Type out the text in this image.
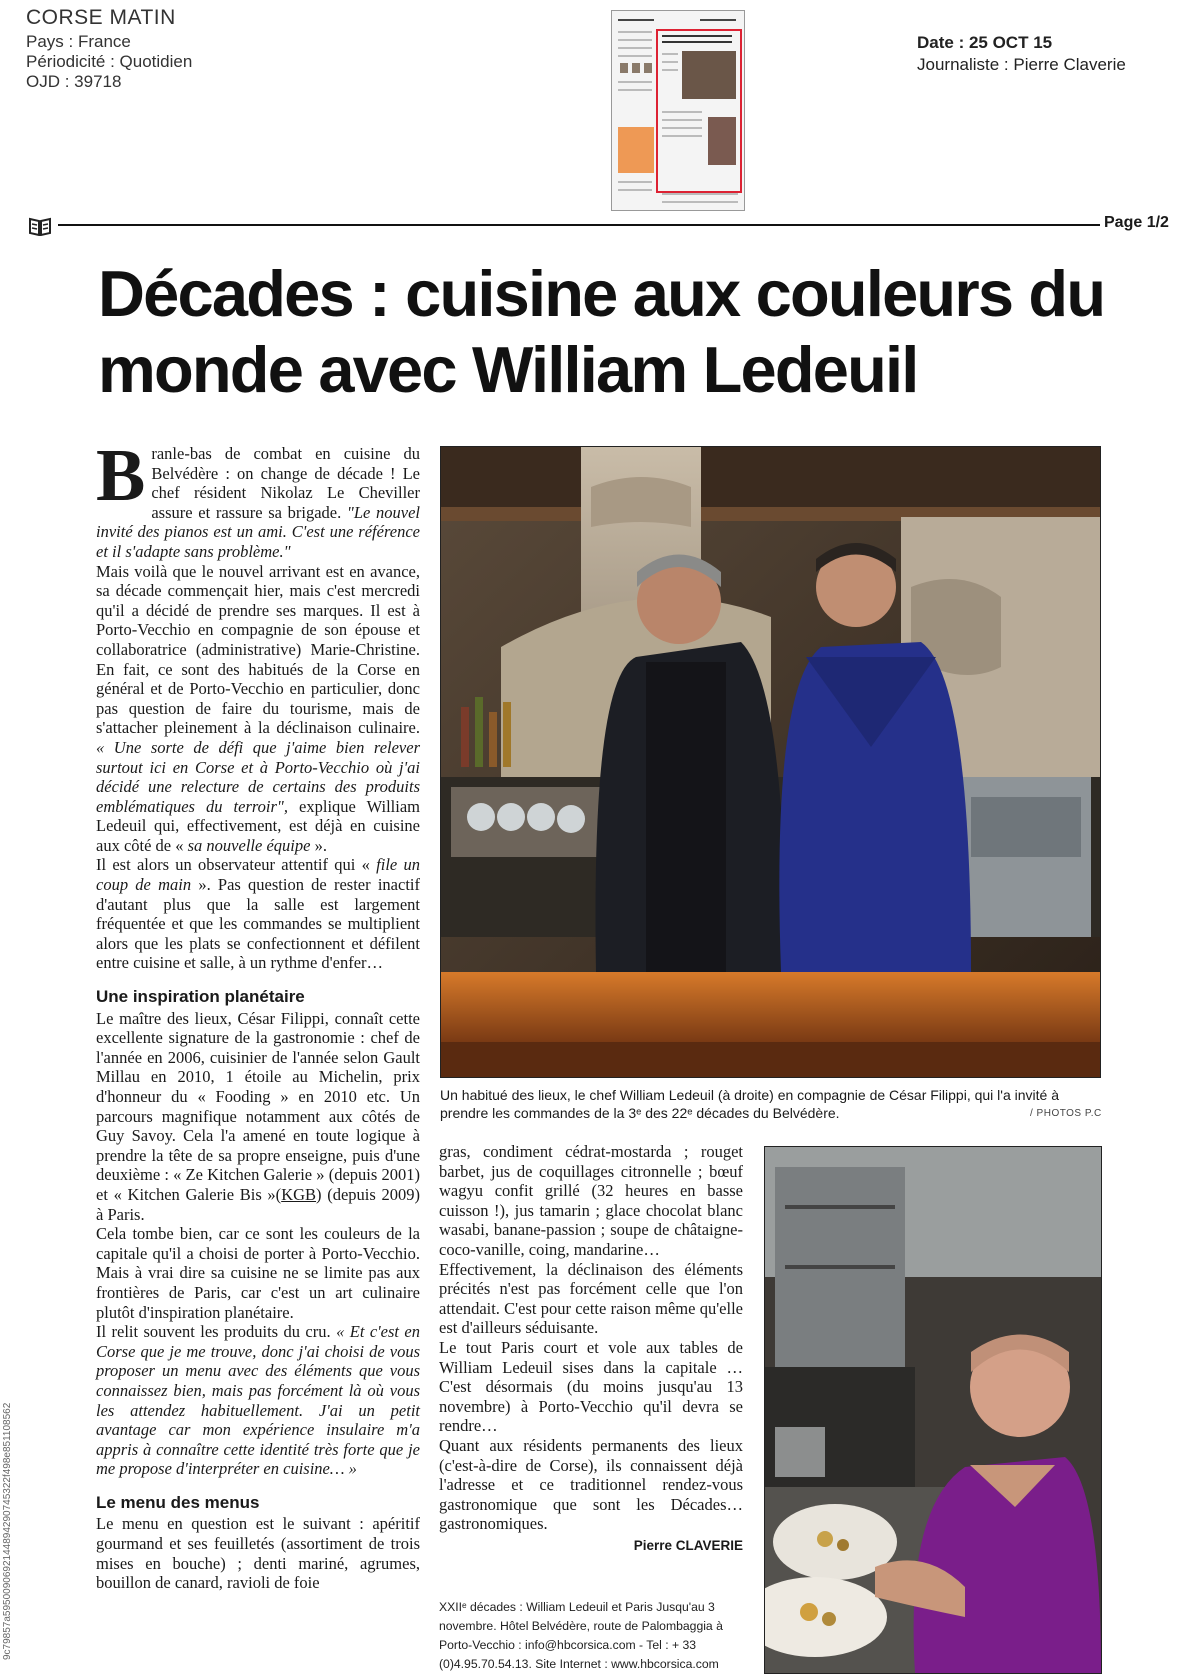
CORSE MATIN
Pays : France
Périodicité : Quotidien
OJD : 39718
Date : 25 OCT 15
Journaliste : Pierre Claverie
Page 1/2
Décades : cuisine aux couleurs du monde avec William Ledeuil

Branle-bas de combat en cuisine du Belvédère : on change de décade ! Le chef résident Nikolaz Le Cheviller assure et rassure sa brigade. "Le nouvel invité des pianos est un ami. C'est une référence et il s'adapte sans problème."

Mais voilà que le nouvel arrivant est en avance, sa décade commençait hier, mais c'est mercredi qu'il a décidé de prendre ses marques. Il est à Porto-Vecchio en compagnie de son épouse et collaboratrice (administrative) Marie-Christine. En fait, ce sont des habitués de la Corse en général et de Porto-Vecchio en particulier, donc pas question de faire du tourisme, mais de s'attacher pleinement à la déclinaison culinaire. « Une sorte de défi que j'aime bien relever surtout ici en Corse et à Porto-Vecchio où j'ai décidé une relecture de certains des produits emblématiques du terroir", explique William Ledeuil qui, effectivement, est déjà en cuisine aux côté de « sa nouvelle équipe ».

Il est alors un observateur attentif qui « file un coup de main ». Pas question de rester inactif d'autant plus que la salle est largement fréquentée et que les commandes se multiplient alors que les plats se confectionnent et défilent entre cuisine et salle, à un rythme d'enfer…

Une inspiration planétaire

Le maître des lieux, César Filippi, connaît cette excellente signature de la gastronomie : chef de l'année en 2006, cuisinier de l'année selon Gault Millau en 2010, 1 étoile au Michelin, prix d'honneur du « Fooding » en 2010 etc. Un parcours magnifique notamment aux côtés de Guy Savoy. Cela l'a amené en toute logique à prendre la tête de sa propre enseigne, puis d'une deuxième : « Ze Kitchen Galerie » (depuis 2001) et « Kitchen Galerie Bis »(KGB) (depuis 2009) à Paris.

Cela tombe bien, car ce sont les couleurs de la capitale qu'il a choisi de porter à Porto-Vecchio. Mais à vrai dire sa cuisine ne se limite pas aux frontières de Paris, car c'est un art culinaire plutôt d'inspiration planétaire.

Il relit souvent les produits du cru. « Et c'est en Corse que je me trouve, donc j'ai choisi de vous proposer un menu avec des éléments que vous connaissez bien, mais pas forcément là où vous les attendez habituellement. J'ai un petit avantage car mon expérience insulaire m'a appris à connaître cette identité très forte que je me propose d'interpréter en cuisine… »

Le menu des menus

Le menu en question est le suivant : apéritif gourmand et ses feuilletés (assortiment de trois mises en bouche) ; denti mariné, agrumes, bouillon de canard, ravioli de foie

Un habitué des lieux, le chef William Ledeuil (à droite) en compagnie de César Filippi, qui l'a invité à prendre les commandes de la 3ᵉ des 22ᵉ décades du Belvédère.	/ PHOTOS P.C

gras, condiment cédrat-mostarda ; rouget barbet, jus de coquillages citronnelle ; bœuf wagyu confit grillé (32 heures en basse cuisson !), jus tamarin ; glace chocolat blanc wasabi, banane-passion ; soupe de châtaigne-coco-vanille, coing, mandarine…

Effectivement, la déclinaison des éléments précités n'est pas forcément celle que l'on attendait. C'est pour cette raison même qu'elle est d'ailleurs séduisante.

Le tout Paris court et vole aux tables de William Ledeuil sises dans la capitale … C'est désormais (du moins jusqu'au 13 novembre) à Porto-Vecchio qu'il devra se rendre…

Quant aux résidents permanents des lieux (c'est-à-dire de Corse), ils connaissent déjà l'adresse et ce traditionnel rendez-vous gastronomique que sont les Décades… gastronomiques.

Pierre CLAVERIE

XXIIᵉ décades : William Ledeuil et Paris Jusqu'au 3 novembre. Hôtel Belvédère, route de Palombaggia à Porto-Vecchio : info@hbcorsica.com - Tel : + 33 (0)4.95.70.54.13. Site Internet : www.hbcorsica.com
9c79857a5950090692144894290745322f498e851108562
